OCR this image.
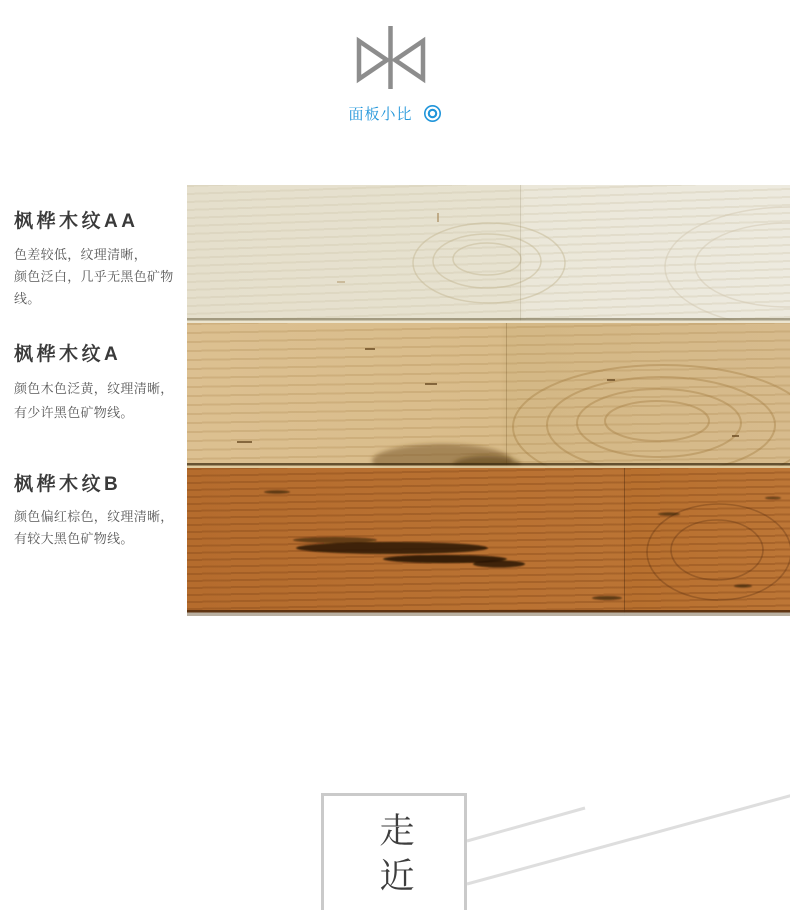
面板小比
枫桦木纹AA
色差较低，纹理清晰，
颜色泛白，几乎无黑色矿物线。
枫桦木纹A
颜色木色泛黄，纹理清晰，
有少许黑色矿物线。
枫桦木纹B
颜色偏红棕色，纹理清晰，
有较大黑色矿物线。
走近
